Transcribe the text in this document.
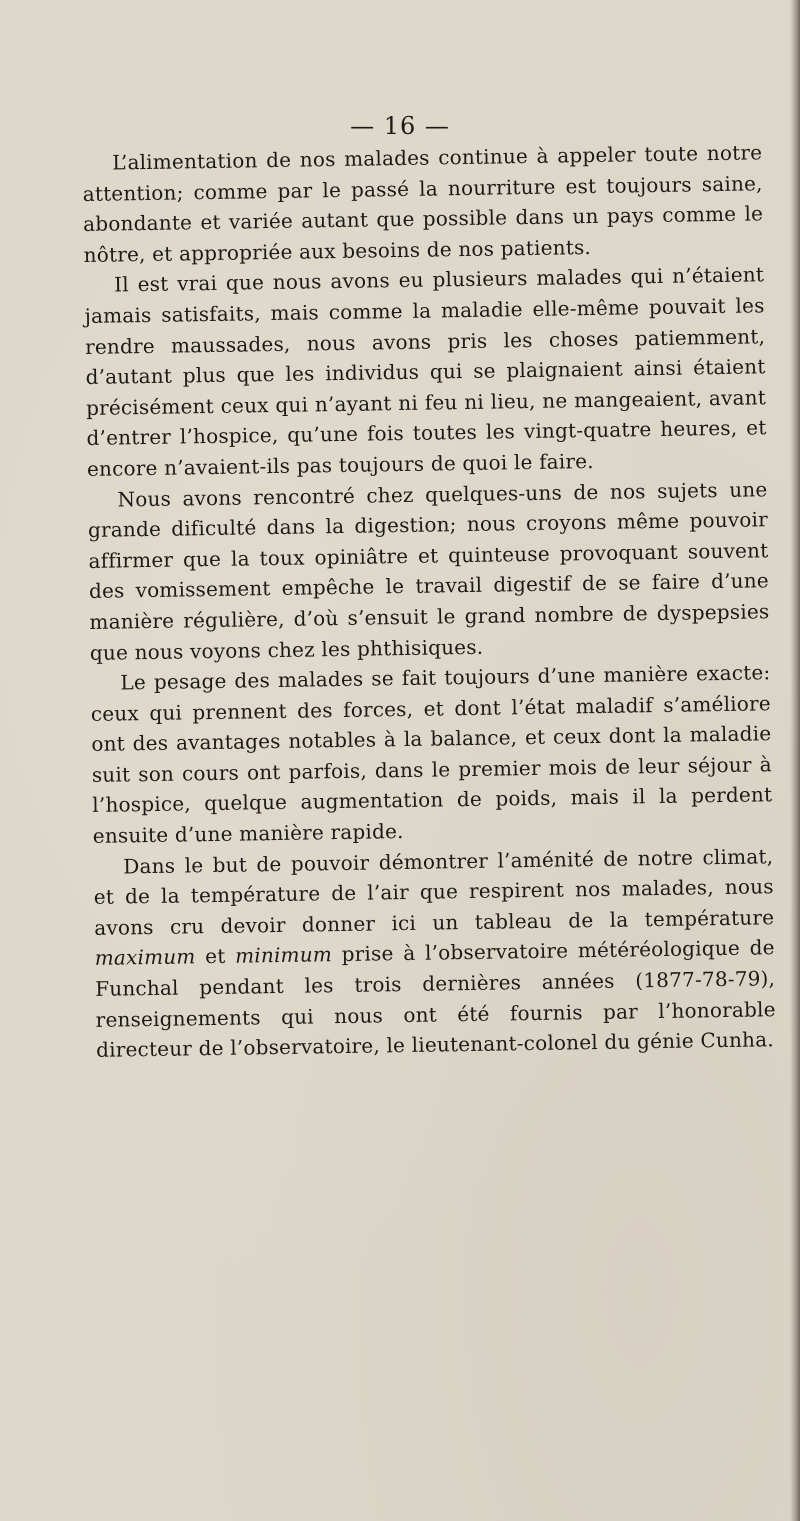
— 16 —

L’alimentation de nos malades continue à appeler toute notre attention; comme par le passé la nourriture est toujours saine, abondante et variée autant que possible dans un pays comme le nôtre, et appropriée aux besoins de nos patients.

Il est vrai que nous avons eu plusieurs malades qui n’étaient jamais satisfaits, mais comme la maladie elle-même pouvait les rendre maussades, nous avons pris les choses patiemment, d’autant plus que les individus qui se plaignaient ainsi étaient précisément ceux qui n’ayant ni feu ni lieu, ne mangeaient, avant d’entrer l’hospice, qu’une fois toutes les vingt-quatre heures, et encore n’avaient-ils pas toujours de quoi le faire.

Nous avons rencontré chez quelques-uns de nos sujets une grande dificulté dans la digestion; nous croyons même pouvoir affirmer que la toux opiniâtre et quinteuse provoquant souvent des vomissement empêche le travail digestif de se faire d’une manière régulière, d’où s’ensuit le grand nombre de dyspepsies que nous voyons chez les phthisiques.

Le pesage des malades se fait toujours d’une manière exacte: ceux qui prennent des forces, et dont l’état maladif s’améliore ont des avantages notables à la balance, et ceux dont la maladie suit son cours ont parfois, dans le premier mois de leur séjour à l’hospice, quelque augmentation de poids, mais il la perdent ensuite d’une manière rapide.

Dans le but de pouvoir démontrer l’aménité de notre climat, et de la température de l’air que respirent nos malades, nous avons cru devoir donner ici un tableau de la température maximum et minimum prise à l’observatoire météréologique de Funchal pendant les trois dernières années (1877-78-79), renseignements qui nous ont été fournis par l’honorable directeur de l’observatoire, le lieutenant-colonel du génie Cunha.
